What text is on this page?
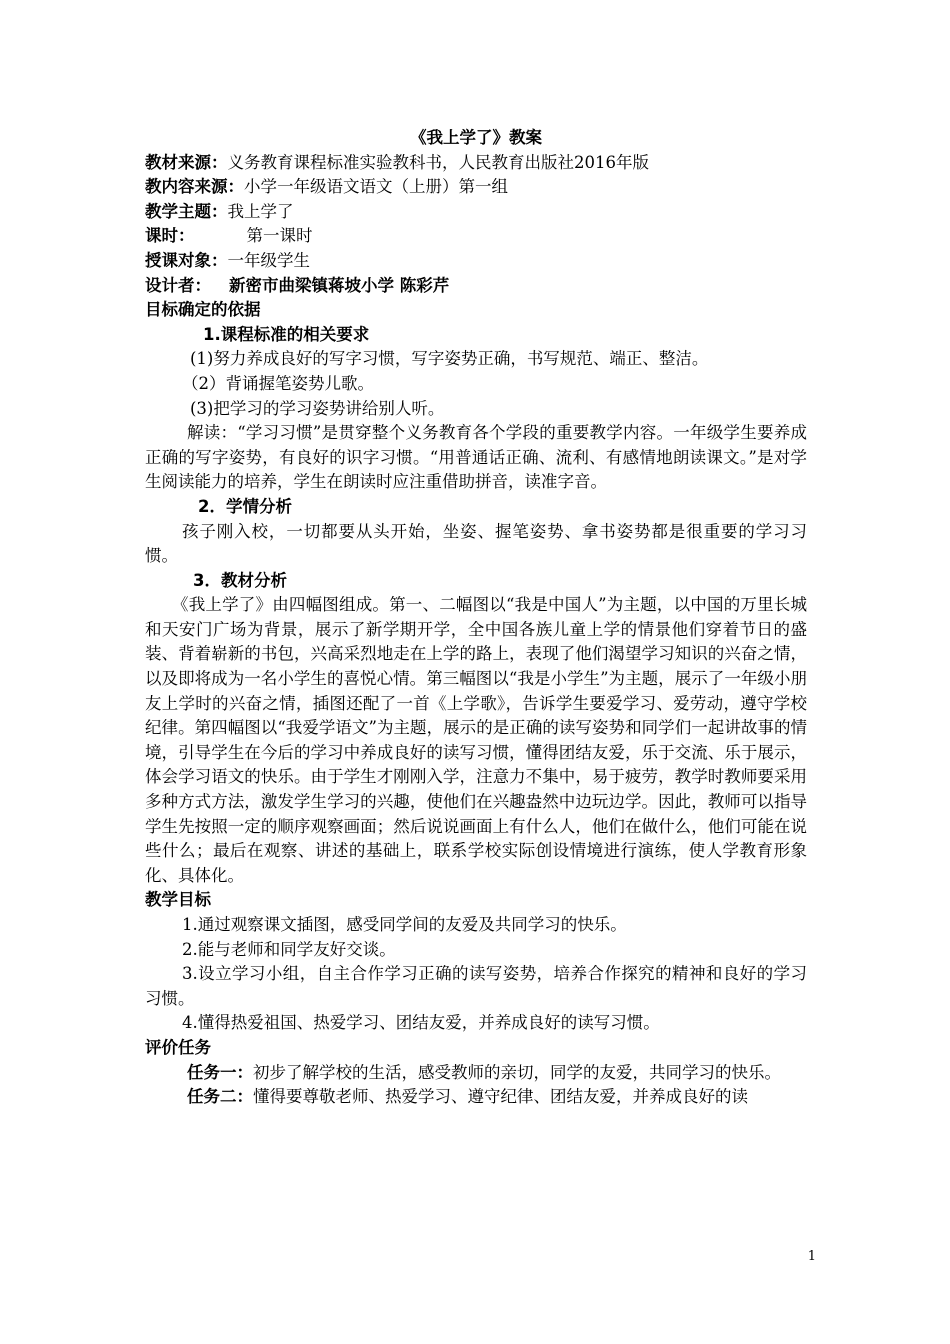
《我上学了》教案
教材来源：义务教育课程标准实验教科书，人民教育出版社2016年版
教内容来源：小学一年级语文语文（上册）第一组
教学主题：我上学了
课时：	第一课时
授课对象：一年级学生
设计者： 新密市曲梁镇蒋坡小学 陈彩芹
目标确定的依据
1.课程标准的相关要求
(1)努力养成良好的写字习惯，写字姿势正确，书写规范、端正、整洁。
（2）背诵握笔姿势儿歌。
(3)把学习的学习姿势讲给别人听。
解读：“学习习惯”是贯穿整个义务教育各个学段的重要教学内容。一年级学生要养成正确的写字姿势，有良好的识字习惯。“用普通话正确、流利、有感情地朗读课文。”是对学生阅读能力的培养，学生在朗读时应注重借助拼音，读准字音。
2．学情分析
孩子刚入校，一切都要从头开始，坐姿、握笔姿势、拿书姿势都是很重要的学习习惯。
3．教材分析
《我上学了》由四幅图组成。第一、二幅图以“我是中国人”为主题，以中国的万里长城和天安门广场为背景，展示了新学期开学，全中国各族儿童上学的情景他们穿着节日的盛装、背着崭新的书包，兴高采烈地走在上学的路上，表现了他们渴望学习知识的兴奋之情，以及即将成为一名小学生的喜悦心情。第三幅图以“我是小学生”为主题，展示了一年级小朋友上学时的兴奋之情，插图还配了一首《上学歌》，告诉学生要爱学习、爱劳动，遵守学校纪律。第四幅图以“我爱学语文”为主题，展示的是正确的读写姿势和同学们一起讲故事的情境，引导学生在今后的学习中养成良好的读写习惯，懂得团结友爱，乐于交流、乐于展示，体会学习语文的快乐。由于学生才刚刚入学，注意力不集中，易于疲劳，教学时教师要采用多种方式方法，激发学生学习的兴趣，使他们在兴趣盎然中边玩边学。因此，教师可以指导学生先按照一定的顺序观察画面；然后说说画面上有什么人，他们在做什么，他们可能在说些什么；最后在观察、讲述的基础上，联系学校实际创设情境进行演练，使人学教育形象化、具体化。
教学目标
1.通过观察课文插图，感受同学间的友爱及共同学习的快乐。
2.能与老师和同学友好交谈。
3.设立学习小组，自主合作学习正确的读写姿势，培养合作探究的精神和良好的学习习惯。
4.懂得热爱祖国、热爱学习、团结友爱，并养成良好的读写习惯。
评价任务
任务一：初步了解学校的生活，感受教师的亲切，同学的友爱，共同学习的快乐。
任务二：懂得要尊敬老师、热爱学习、遵守纪律、团结友爱，并养成良好的读
1
